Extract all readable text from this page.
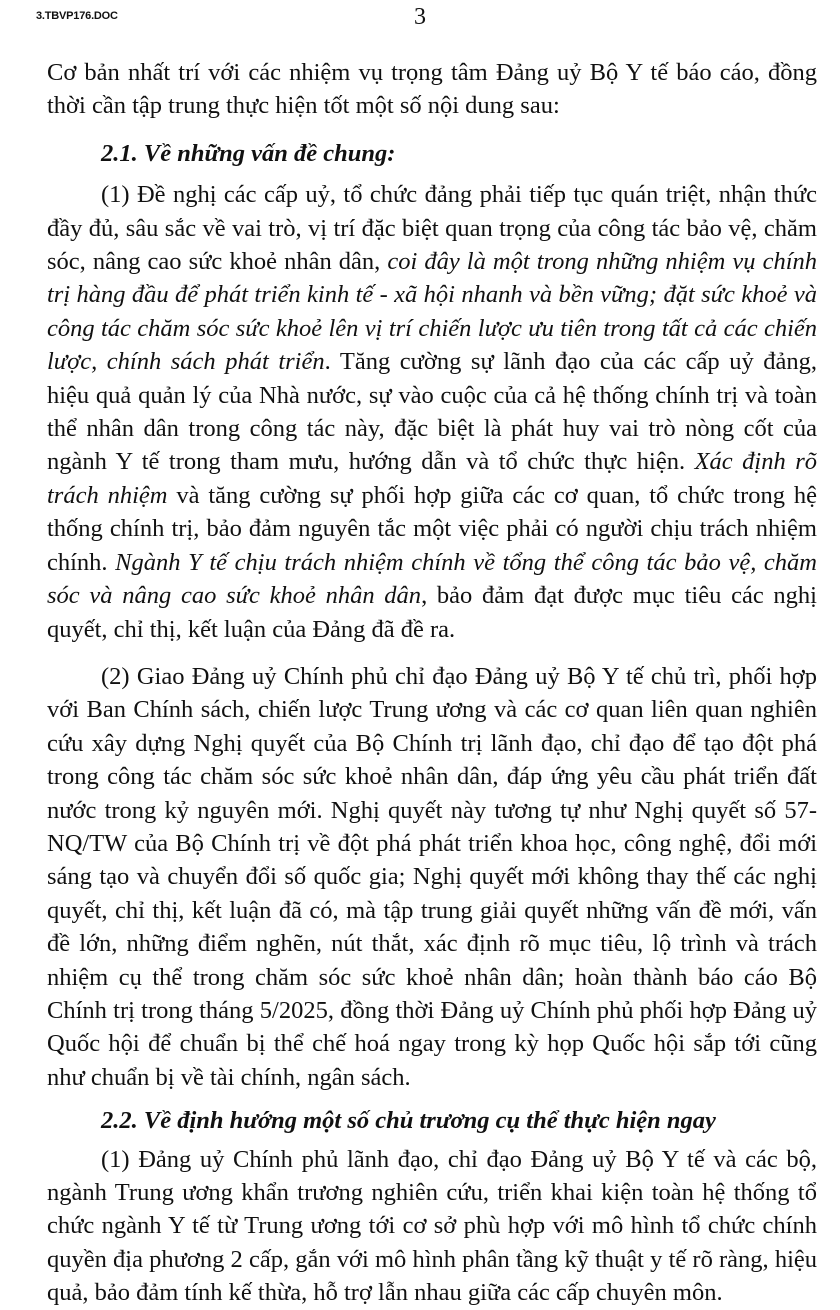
3.TBVP176.DOC	3

Cơ bản nhất trí với các nhiệm vụ trọng tâm Đảng uỷ Bộ Y tế báo cáo, đồng thời cần tập trung thực hiện tốt một số nội dung sau:

2.1. Về những vấn đề chung:

(1) Đề nghị các cấp uỷ, tổ chức đảng phải tiếp tục quán triệt, nhận thức đầy đủ, sâu sắc về vai trò, vị trí đặc biệt quan trọng của công tác bảo vệ, chăm sóc, nâng cao sức khoẻ nhân dân, coi đây là một trong những nhiệm vụ chính trị hàng đầu để phát triển kinh tế - xã hội nhanh và bền vững; đặt sức khoẻ và công tác chăm sóc sức khoẻ lên vị trí chiến lược ưu tiên trong tất cả các chiến lược, chính sách phát triển. Tăng cường sự lãnh đạo của các cấp uỷ đảng, hiệu quả quản lý của Nhà nước, sự vào cuộc của cả hệ thống chính trị và toàn thể nhân dân trong công tác này, đặc biệt là phát huy vai trò nòng cốt của ngành Y tế trong tham mưu, hướng dẫn và tổ chức thực hiện. Xác định rõ trách nhiệm và tăng cường sự phối hợp giữa các cơ quan, tổ chức trong hệ thống chính trị, bảo đảm nguyên tắc một việc phải có người chịu trách nhiệm chính. Ngành Y tế chịu trách nhiệm chính về tổng thể công tác bảo vệ, chăm sóc và nâng cao sức khoẻ nhân dân, bảo đảm đạt được mục tiêu các nghị quyết, chỉ thị, kết luận của Đảng đã đề ra.

(2) Giao Đảng uỷ Chính phủ chỉ đạo Đảng uỷ Bộ Y tế chủ trì, phối hợp với Ban Chính sách, chiến lược Trung ương và các cơ quan liên quan nghiên cứu xây dựng Nghị quyết của Bộ Chính trị lãnh đạo, chỉ đạo để tạo đột phá trong công tác chăm sóc sức khoẻ nhân dân, đáp ứng yêu cầu phát triển đất nước trong kỷ nguyên mới. Nghị quyết này tương tự như Nghị quyết số 57-NQ/TW của Bộ Chính trị về đột phá phát triển khoa học, công nghệ, đổi mới sáng tạo và chuyển đổi số quốc gia; Nghị quyết mới không thay thế các nghị quyết, chỉ thị, kết luận đã có, mà tập trung giải quyết những vấn đề mới, vấn đề lớn, những điểm nghẽn, nút thắt, xác định rõ mục tiêu, lộ trình và trách nhiệm cụ thể trong chăm sóc sức khoẻ nhân dân; hoàn thành báo cáo Bộ Chính trị trong tháng 5/2025, đồng thời Đảng uỷ Chính phủ phối hợp Đảng uỷ Quốc hội để chuẩn bị thể chế hoá ngay trong kỳ họp Quốc hội sắp tới cũng như chuẩn bị về tài chính, ngân sách.

2.2. Về định hướng một số chủ trương cụ thể thực hiện ngay

(1) Đảng uỷ Chính phủ lãnh đạo, chỉ đạo Đảng uỷ Bộ Y tế và các bộ, ngành Trung ương khẩn trương nghiên cứu, triển khai kiện toàn hệ thống tổ chức ngành Y tế từ Trung ương tới cơ sở phù hợp với mô hình tổ chức chính quyền địa phương 2 cấp, gắn với mô hình phân tầng kỹ thuật y tế rõ ràng, hiệu quả, bảo đảm tính kế thừa, hỗ trợ lẫn nhau giữa các cấp chuyên môn.
